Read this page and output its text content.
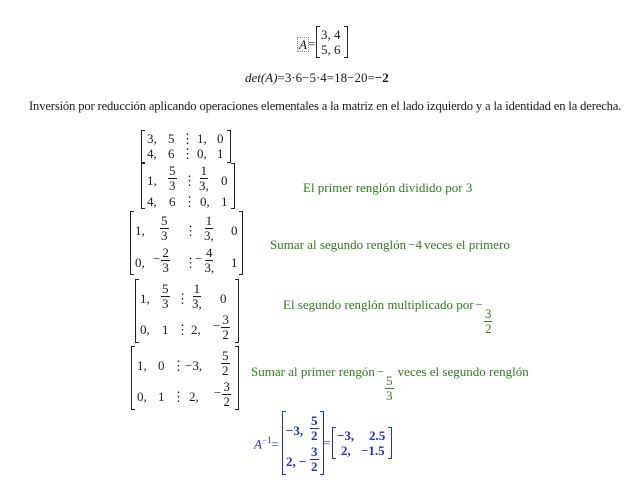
A =
3, 4
5, 6
det(A)=3·6−5·4=18−20=−2
Inversión por reducción aplicando operaciones elementales a la matriz en el lado izquierdo y a la identidad en la derecha.
3, 5 ⋮ 1, 0
4, 6 ⋮ 0, 1
1, $\frac{5}{3}$ ⋮ $\frac{1}{3,} 0$
4, 6 ⋮ 0, 1
El primer renglón dividido por 3
1, $\frac{5}{3}$ ⋮ $\frac{1}{3,} 0$
0, − $\frac{2}{3}$ ⋮
− $\frac{4}{3,} 1$
Sumar al segundo renglón −4 veces el primero
1, $\frac{5}{3}$ ⋮ $\frac{1}{3,} 0$
0, 1 ⋮ 2, − $\frac{3}{2}$
El segundo renglón multiplicado por −
$\frac{3}{2}$
1, 0 ⋮ −3, $\frac{5}{2}$
0, 1 ⋮ 2, − $\frac{3}{2}$
Sumar al primer rengón −
$\frac{5}{3}$
veces el segundo renglón
$A^{-1}=$
−3, $\frac{5}{2}$
2, − $\frac{3}{2}$
= −3, 2.5
2, −1.5
